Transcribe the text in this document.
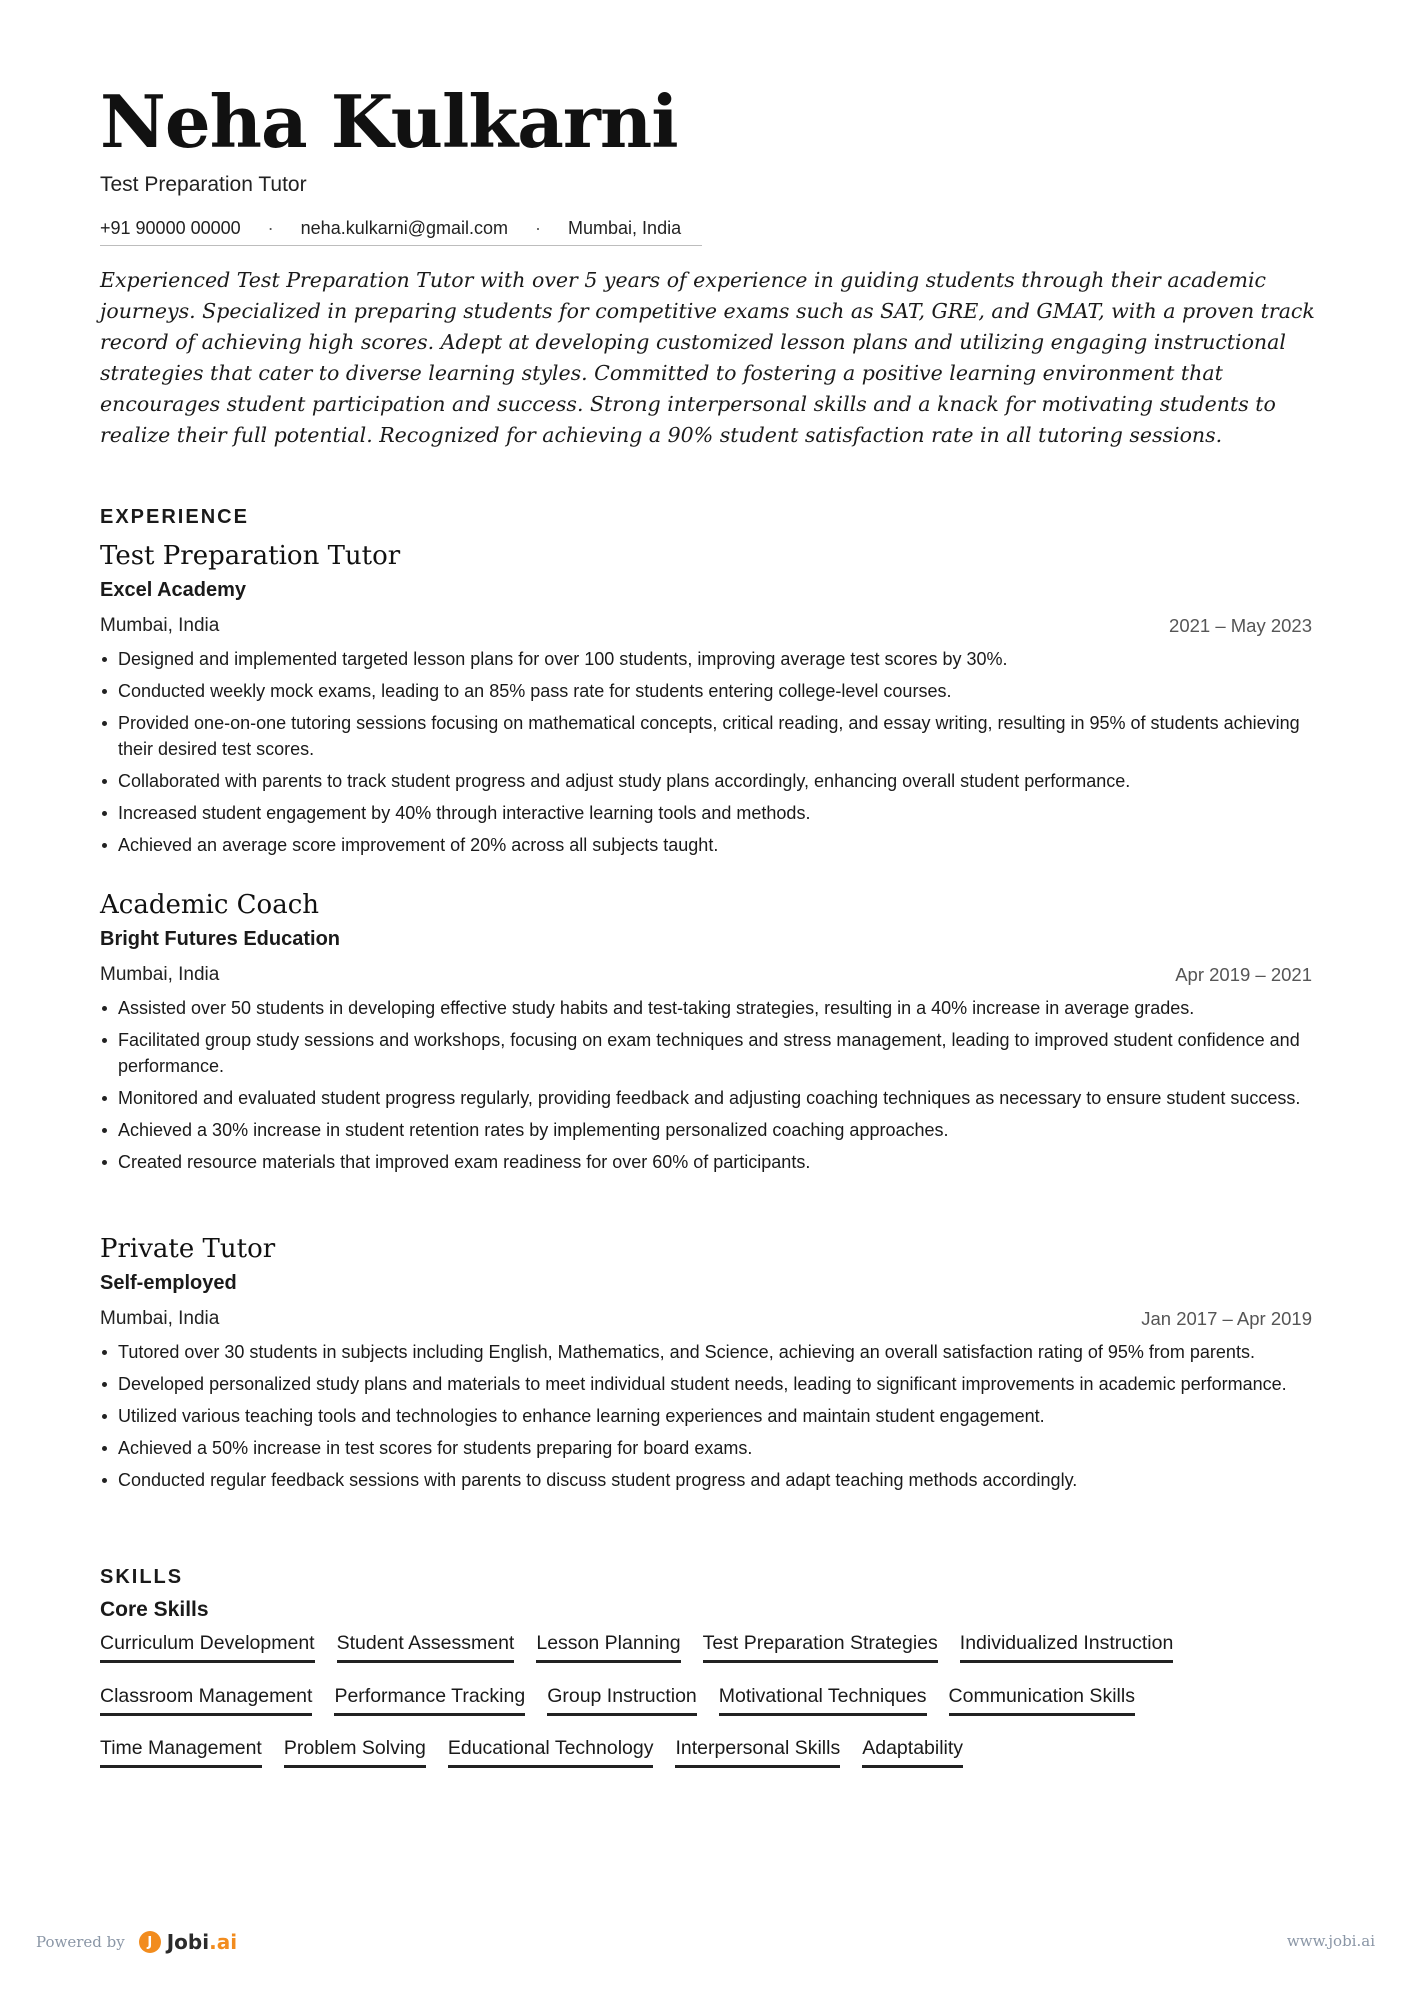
Neha Kulkarni
Test Preparation Tutor
+91 90000 00000 · neha.kulkarni@gmail.com · Mumbai, India
Experienced Test Preparation Tutor with over 5 years of experience in guiding students through their academic journeys. Specialized in preparing students for competitive exams such as SAT, GRE, and GMAT, with a proven track record of achieving high scores. Adept at developing customized lesson plans and utilizing engaging instructional strategies that cater to diverse learning styles. Committed to fostering a positive learning environment that encourages student participation and success. Strong interpersonal skills and a knack for motivating students to realize their full potential. Recognized for achieving a 90% student satisfaction rate in all tutoring sessions.
EXPERIENCE
Test Preparation Tutor
Excel Academy
Mumbai, India	2021 – May 2023
Designed and implemented targeted lesson plans for over 100 students, improving average test scores by 30%.
Conducted weekly mock exams, leading to an 85% pass rate for students entering college-level courses.
Provided one-on-one tutoring sessions focusing on mathematical concepts, critical reading, and essay writing, resulting in 95% of students achieving their desired test scores.
Collaborated with parents to track student progress and adjust study plans accordingly, enhancing overall student performance.
Increased student engagement by 40% through interactive learning tools and methods.
Achieved an average score improvement of 20% across all subjects taught.
Academic Coach
Bright Futures Education
Mumbai, India	Apr 2019 – 2021
Assisted over 50 students in developing effective study habits and test-taking strategies, resulting in a 40% increase in average grades.
Facilitated group study sessions and workshops, focusing on exam techniques and stress management, leading to improved student confidence and performance.
Monitored and evaluated student progress regularly, providing feedback and adjusting coaching techniques as necessary to ensure student success.
Achieved a 30% increase in student retention rates by implementing personalized coaching approaches.
Created resource materials that improved exam readiness for over 60% of participants.
Private Tutor
Self-employed
Mumbai, India	Jan 2017 – Apr 2019
Tutored over 30 students in subjects including English, Mathematics, and Science, achieving an overall satisfaction rating of 95% from parents.
Developed personalized study plans and materials to meet individual student needs, leading to significant improvements in academic performance.
Utilized various teaching tools and technologies to enhance learning experiences and maintain student engagement.
Achieved a 50% increase in test scores for students preparing for board exams.
Conducted regular feedback sessions with parents to discuss student progress and adapt teaching methods accordingly.
SKILLS
Core Skills
Curriculum Development Student Assessment Lesson Planning Test Preparation Strategies Individualized Instruction
Classroom Management Performance Tracking Group Instruction Motivational Techniques Communication Skills
Time Management Problem Solving Educational Technology Interpersonal Skills Adaptability
Powered by	J Jobi.ai	www.jobi.ai
